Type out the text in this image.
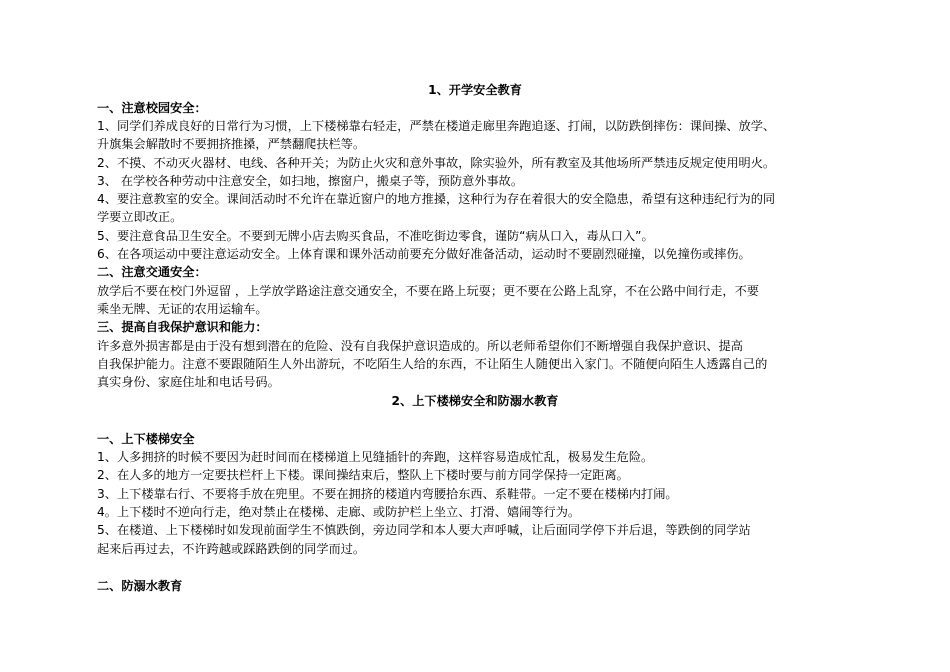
1、开学安全教育

一、注意校园安全：

1、同学们养成良好的日常行为习惯，上下楼梯靠右轻走，严禁在楼道走廊里奔跑追逐、打闹，以防跌倒摔伤：课间操、放学、

升旗集会解散时不要拥挤推搡，严禁翻爬扶栏等。

2、不摸、不动灭火器材、电线、各种开关；为防止火灾和意外事故，除实验外，所有教室及其他场所严禁违反规定使用明火。

3、 在学校各种劳动中注意安全，如扫地，擦窗户，搬桌子等，预防意外事故。

4、要注意教室的安全。课间活动时不允许在靠近窗户的地方推搡，这种行为存在着很大的安全隐患，希望有这种违纪行为的同

学要立即改正。

5、要注意食品卫生安全。不要到无牌小店去购买食品，不准吃街边零食，谨防“病从口入，毒从口入”。

6、在各项运动中要注意运动安全。上体育课和课外活动前要充分做好准备活动，运动时不要剧烈碰撞，以免撞伤或摔伤。

二、注意交通安全：

放学后不要在校门外逗留 ，上学放学路途注意交通安全，不要在路上玩耍；更不要在公路上乱穿，不在公路中间行走，不要

乘坐无牌、无证的农用运输车。

三、提高自我保护意识和能力：

许多意外损害都是由于没有想到潜在的危险、没有自我保护意识造成的。所以老师希望你们不断增强自我保护意识、提高

自我保护能力。注意不要跟随陌生人外出游玩，不吃陌生人给的东西，不让陌生人随便出入家门。不随便向陌生人透露自己的

真实身份、家庭住址和电话号码。

2、上下楼梯安全和防溺水教育

一、上下楼梯安全

1、人多拥挤的时候不要因为赶时间而在楼梯道上见缝插针的奔跑，这样容易造成忙乱，极易发生危险。

2、在人多的地方一定要扶栏杆上下楼。课间操结束后，整队上下楼时要与前方同学保持一定距离。

3、上下楼靠右行、不要将手放在兜里。不要在拥挤的楼道内弯腰拾东西、系鞋带。一定不要在楼梯内打闹。

4。上下楼时不逆向行走，绝对禁止在楼梯、走廊、或防护栏上坐立、打滑、嬉闹等行为。

5、在楼道、上下楼梯时如发现前面学生不慎跌倒，旁边同学和本人要大声呼喊，让后面同学停下并后退，等跌倒的同学站

起来后再过去，不许跨越或踩路跌倒的同学而过。

二、防溺水教育
